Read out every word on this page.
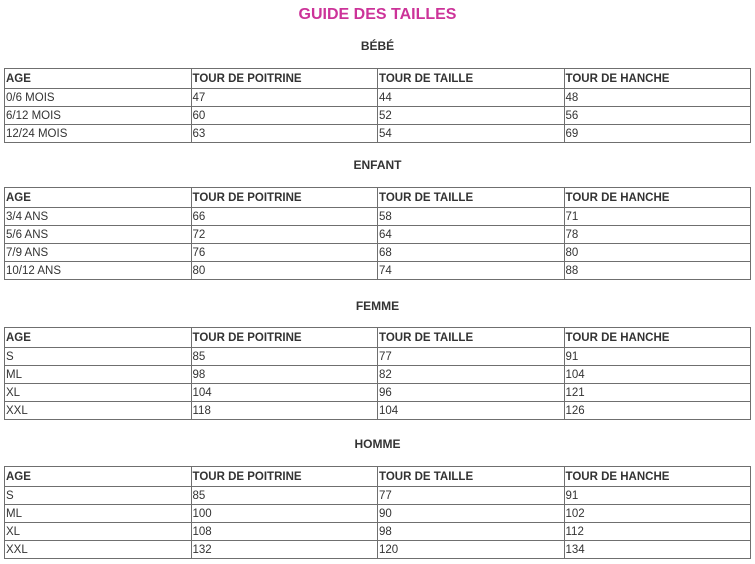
GUIDE DES TAILLES
BÉBÉ
AGE	TOUR DE POITRINE	TOUR DE TAILLE	TOUR DE HANCHE
0/6 MOIS	47	44	48
6/12 MOIS	60	52	56
12/24 MOIS	63	54	69
ENFANT
AGE	TOUR DE POITRINE	TOUR DE TAILLE	TOUR DE HANCHE
3/4 ANS	66	58	71
5/6 ANS	72	64	78
7/9 ANS	76	68	80
10/12 ANS	80	74	88
FEMME
AGE	TOUR DE POITRINE	TOUR DE TAILLE	TOUR DE HANCHE
S	85	77	91
ML	98	82	104
XL	104	96	121
XXL	118	104	126
HOMME
AGE	TOUR DE POITRINE	TOUR DE TAILLE	TOUR DE HANCHE
S	85	77	91
ML	100	90	102
XL	108	98	112
XXL	132	120	134
